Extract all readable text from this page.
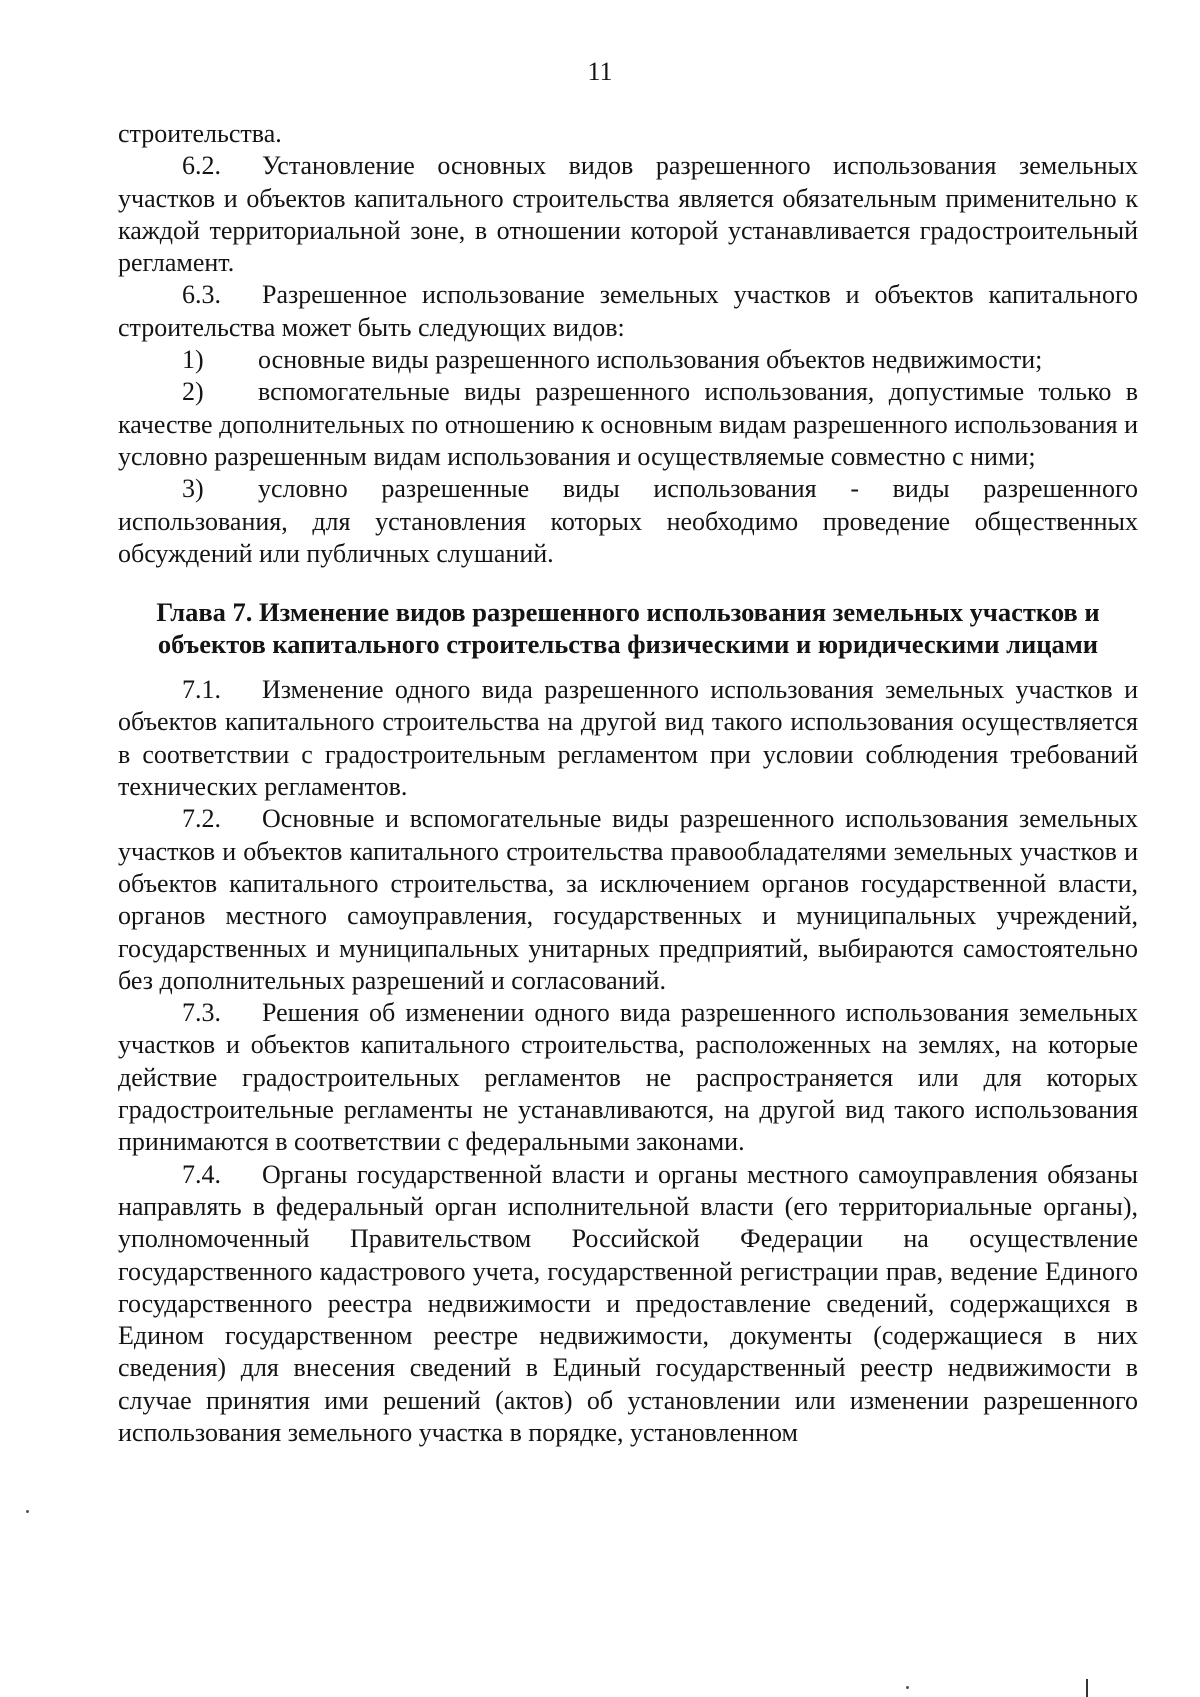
11

строительства.

6.2. Установление основных видов разрешенного использования земельных участков и объектов капитального строительства является обязательным применительно к каждой территориальной зоне, в отношении которой устанавливается градостроительный регламент.

6.3. Разрешенное использование земельных участков и объектов капитального строительства может быть следующих видов:

1) основные виды разрешенного использования объектов недвижимости;

2) вспомогательные виды разрешенного использования, допустимые только в качестве дополнительных по отношению к основным видам разрешенного использования и условно разрешенным видам использования и осуществляемые совместно с ними;

3) условно разрешенные виды использования - виды разрешенного использования, для установления которых необходимо проведение общественных обсуждений или публичных слушаний.

Глава 7. Изменение видов разрешенного использования земельных участков и
объектов капитального строительства физическими и юридическими лицами

7.1. Изменение одного вида разрешенного использования земельных участков и объектов капитального строительства на другой вид такого использования осуществляется в соответствии с градостроительным регламентом при условии соблюдения требований технических регламентов.

7.2. Основные и вспомогательные виды разрешенного использования земельных участков и объектов капитального строительства правообладателями земельных участков и объектов капитального строительства, за исключением органов государственной власти, органов местного самоуправления, государственных и муниципальных учреждений, государственных и муниципальных унитарных предприятий, выбираются самостоятельно без дополнительных разрешений и согласований.

7.3. Решения об изменении одного вида разрешенного использования земельных участков и объектов капитального строительства, расположенных на землях, на которые действие градостроительных регламентов не распространяется или для которых градостроительные регламенты не устанавливаются, на другой вид такого использования принимаются в соответствии с федеральными законами.

7.4. Органы государственной власти и органы местного самоуправления обязаны направлять в федеральный орган исполнительной власти (его территориальные органы), уполномоченный Правительством Российской Федерации на осуществление государственного кадастрового учета, государственной регистрации прав, ведение Единого государственного реестра недвижимости и предоставление сведений, содержащихся в Едином государственном реестре недвижимости, документы (содержащиеся в них сведения) для внесения сведений в Единый государственный реестр недвижимости в случае принятия ими решений (актов) об установлении или изменении разрешенного использования земельного участка в порядке, установленном
